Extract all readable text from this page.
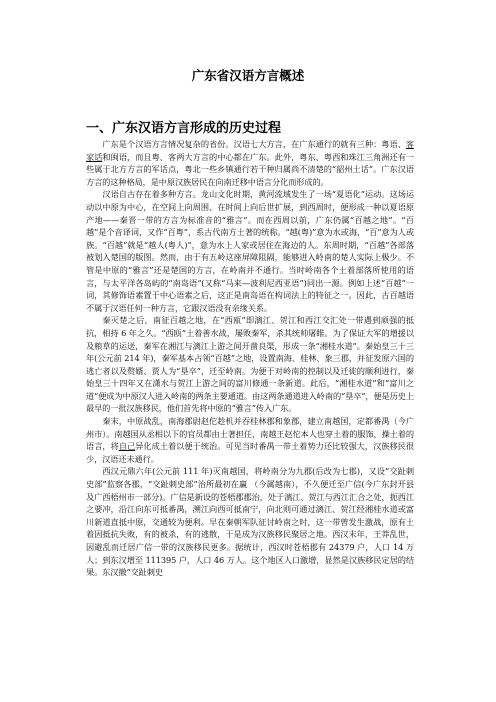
广东省汉语方言概述
一、广东汉语方言形成的历史过程

广东是个汉语方言情况复杂的省份。汉语七大方言，在广东通行的就有三种：粤语、客家话和闽语，而且粤、客两大方言的中心都在广东。此外，粤东、粤西和珠江三角洲还有一些属于北方方言的军话点，粤北一些乡镇通行若干种归属尚不清楚的“韶州土话”。广东汉语方言的这种格局，是中原汉族居民在向南迁移中语言分化而形成的。

汉语自古存在着多种方言。龙山文化时期，黄河流域发生了一场“夏语化”运动。这场运动以中原为中心，在空间上向周围、在时间上向后世扩展，到西周时，便形成一种以夏语原产地——秦晋一带的方言为标准音的“雅言”。而在西周以前，广东仍属“百越之地”。“百越”是个音译词，又作“百粤”，系古代南方土著的统称。“越(粤)”意为水或海，“百”意为人或族。“百越”就是“越人(粤人)”，意为水上人家或居住在海边的人。东周时期，“百越”各部落被划入楚国的版图。然而，由于有五岭这座屏障阻隔，能够进入岭南的楚人实际上极少。不管是中原的“雅言”还是楚国的方言，在岭南并不通行。当时岭南各个土着部落所使用的语言，与太平洋各岛屿的“南岛语”(又称“马来—波利尼西亚语”)同出一源。例如上述“百越”一词，其修饰语素置于中心语素之后，这正是南岛语在构词法上的特征之一。因此，古百越语不属于汉语任何一种方言，它跟汉语没有亲缘关系。

秦灭楚之后，南征百越之地，在“西瓯”即漓江、贺江和西江交汇处一带遇到顽强的抵抗，相持 6 年之久。“西瓯”土着善水战，屡败秦军，杀其统帅屠睢。为了保证大军的增援以及粮草的运送，秦军在湘江与漓江上游之间开凿良渠，形成一条“湘桂水道”。秦始皇三十三年(公元前 214 年)，秦军基本占领“百越”之地，设置南海、桂林、象三郡，并征发原六国的逃亡者以及赘婿、贾人为“垦卒”，迁至岭南。为便于对岭南的控制以及迁徙的顺利进行，秦始皇三十四年又在潇水与贺江上游之间的富川修通一条新道。此后，“湘桂水道”和“富川之道”便成为中原汉人进入岭南的两条主要通道。由这两条通道进入岭南的“垦卒”，便是历史上最早的一批汉族移民，他们首先将中原的“雅言”传入广东。

秦末，中原战乱，南海郡尉赵佗趁机并吞桂林郡和象郡，建立南越国，定都番禺（今广州市）。南越国从丞相以下的官员都由土著担任，南越王赵佗本人也穿土着的服饰，操土着的语言，将自己异化成土着以便于统治。可见当时番禺一带土着势力还比较强大，汉族移民很少，汉语还未通行。

西汉元鼎六年(公元前 111 年)灭南越国，将岭南分为九郡(后改为七郡)，又设“交趾刺史部”监察各郡，“交趾刺史部”治所最初在赢 （今属越南），不久便迁至广信(今广东封开县及广西梧州市一部分)。广信是新设的苍梧郡郡治，处于漓江、贺江与西江汇合之处，扼西江之要冲，沿江向东可抵番禺，溯江向西可抵南宁，向北则可通过漓江、贺江经湘桂水道或富川新道直抵中原，交通较为便利。早在秦朝军队征讨岭南之时，这一带曾发生激战，原有土着因抵抗失败，有的被杀，有的逃散，于是成为汉族移民聚居之地。西汉末年，王莽乱世，因避乱而迁居广信一带的汉族移民更多。据统计，西汉时苍梧郡有 24379 户，人口 14 万人；到东汉增至 111395 户，人口 46 万人。这个地区人口激增，显然是汉族移民定居的结果。东汉撤“交趾刺史
